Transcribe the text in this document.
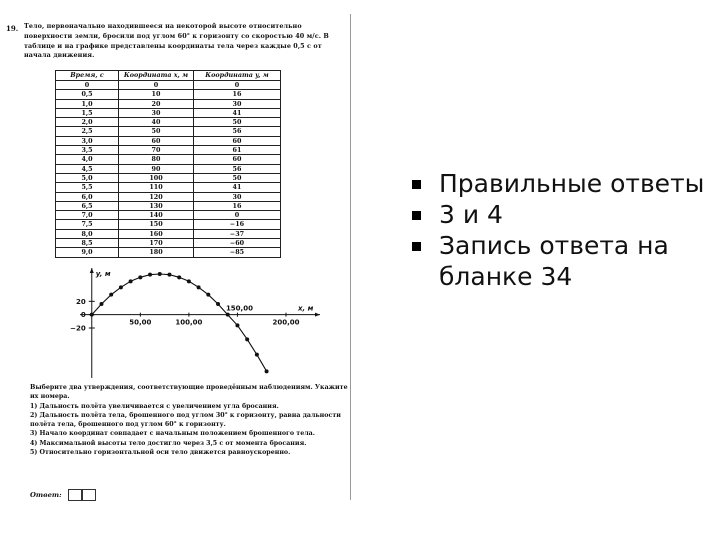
19. Тело, первоначально находившееся на некоторой высоте относительно поверхности земли, бросили под углом 60° к горизонту со скоростью 40 м/с. В таблице и на графике представлены координаты тела через каждые 0,5 с от начала движения.
Время, с	Координата x, м	Координата y, м
0	0	0
0,5	10	16
1,0	20	30
1,5	30	41
2,0	40	50
2,5	50	56
3,0	60	60
3,5	70	61
4,0	80	60
4,5	90	56
5,0	100	50
5,5	110	41
6,0	120	30
6,5	130	16
7,0	140	0
7,5	150	−16
8,0	160	−37
8,5	170	−60
9,0	180	−85
20
0
−20
50,00	100,00
150,00
200,00
y, м
x, м

Выберите два утверждения, соответствующие проведённым наблюдениям. Укажите их номера.

1) Дальность полёта увеличивается с увеличением угла бросания.

2) Дальность полёта тела, брошенного под углом 30° к горизонту, равна дальности полёта тела, брошенного под углом 60° к горизонту.

3) Начало координат совпадает с начальным положением брошенного тела.

4) Максимальной высоты тело достигло через 3,5 с от момента бросания.

5) Относительно горизонтальной оси тело движется равноускоренно.

Ответ:
Правильные ответы
3 и 4
Запись ответа на бланке 34
